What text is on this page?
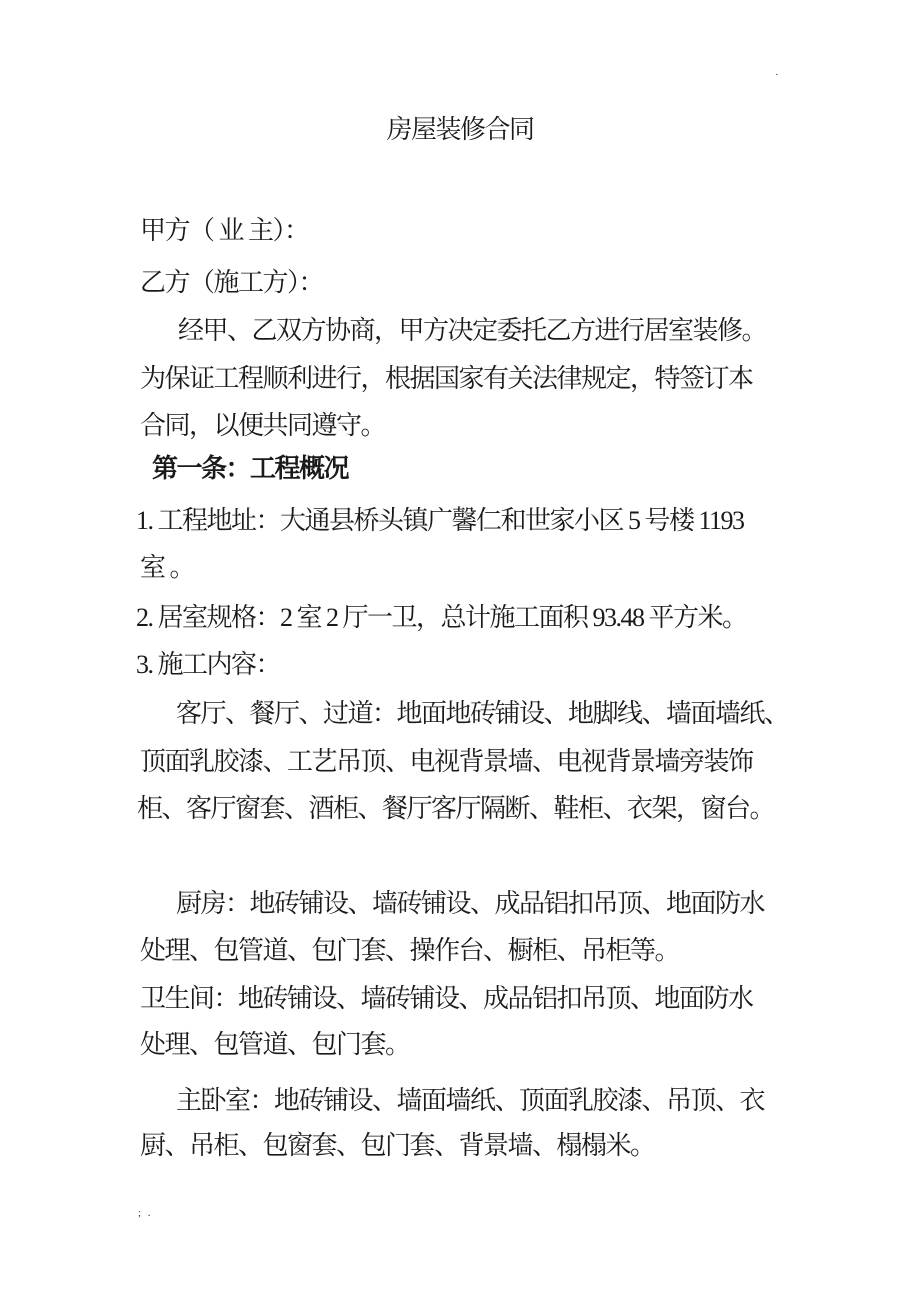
·
房屋装修合同
甲方（ 业 主）：
乙方（施工方）：
经甲、乙双方协商，甲方决定委托乙方进行居室装修。
为保证工程顺利进行，根据国家有关法律规定，特签订本
合同，以便共同遵守。
第一条：工程概况
1. 工程地址：大通县桥头镇广馨仁和世家小区 5 号楼 1193
室 。
2. 居室规格：2 室 2 厅一卫，总计施工面积 93.48 平方米。
3. 施工内容：
客厅、餐厅、过道：地面地砖铺设、地脚线、墙面墙纸、
顶面乳胶漆、工艺吊顶、电视背景墙、电视背景墙旁装饰
柜、客厅窗套、酒柜、餐厅客厅隔断、鞋柜、衣架，窗台。
厨房：地砖铺设、墙砖铺设、成品铝扣吊顶、地面防水
处理、包管道、包门套、操作台、橱柜、吊柜等。
卫生间：地砖铺设、墙砖铺设、成品铝扣吊顶、地面防水
处理、包管道、包门套。
主卧室：地砖铺设、墙面墙纸、顶面乳胶漆、吊顶、衣
厨、吊柜、包窗套、包门套、背景墙、榻榻米。
; .
